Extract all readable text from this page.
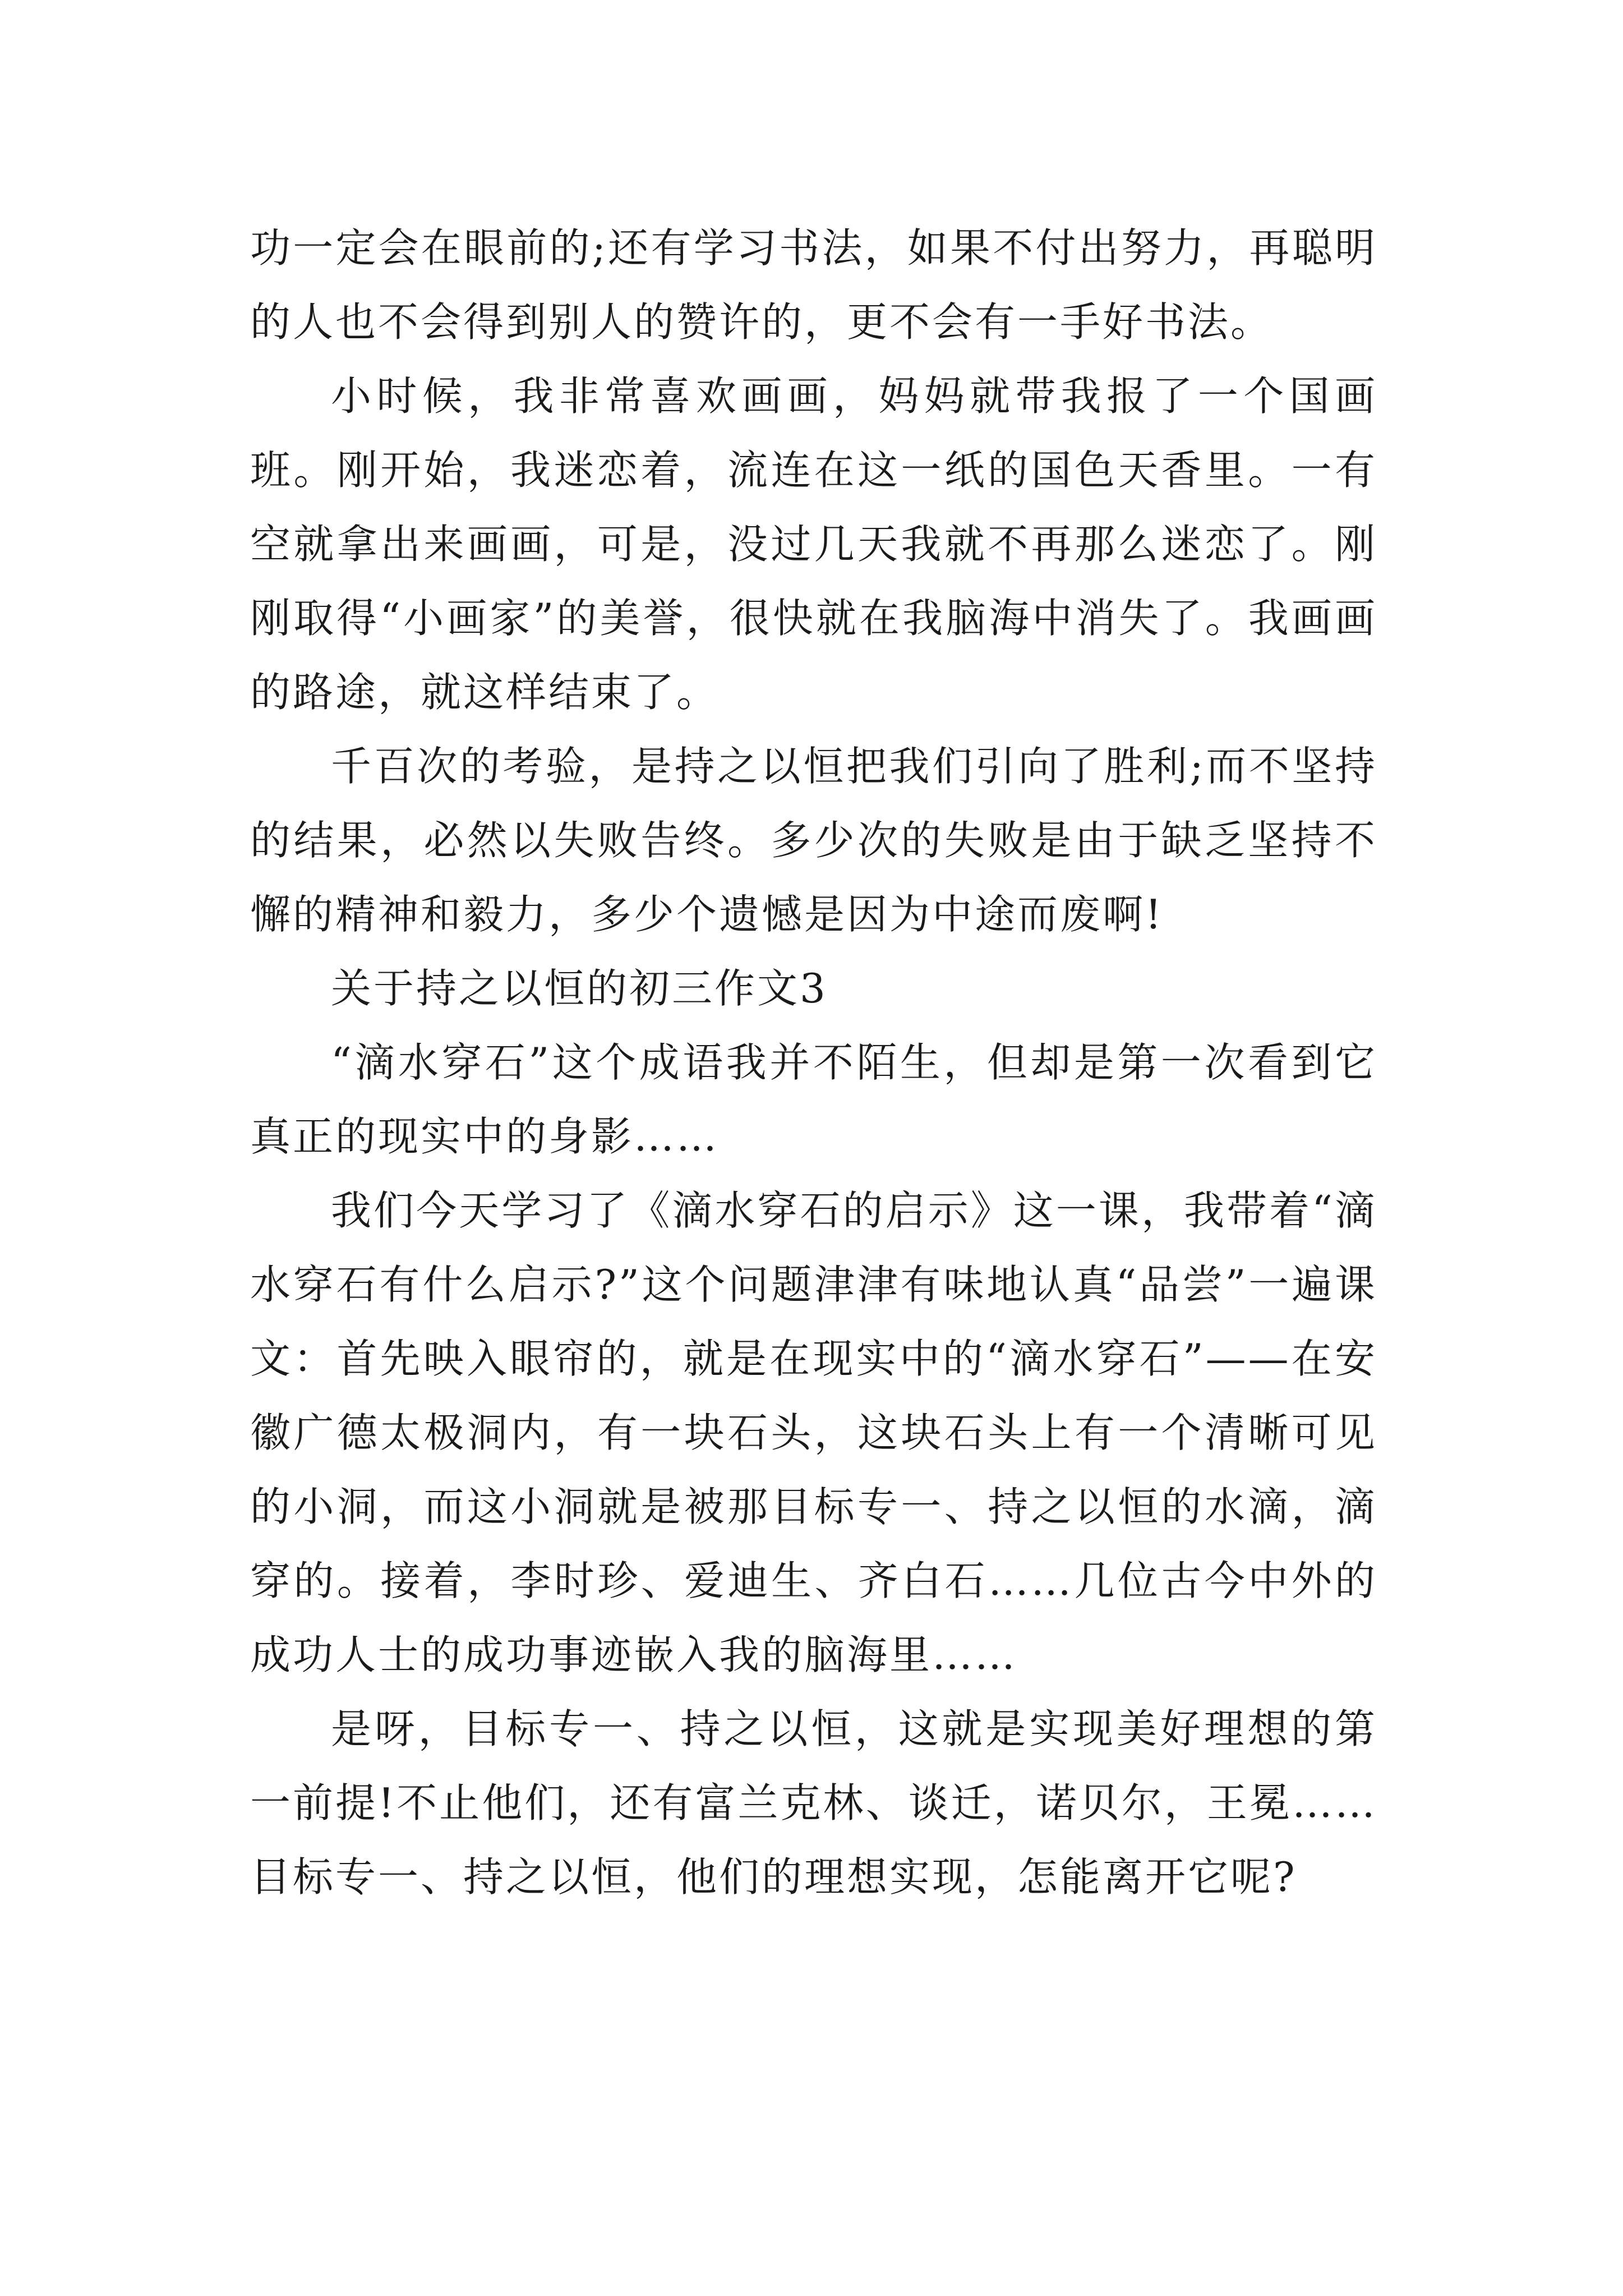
功一定会在眼前的;还有学习书法，如果不付出努力，再聪明的人也不会得到别人的赞许的，更不会有一手好书法。

小时候，我非常喜欢画画，妈妈就带我报了一个国画班。刚开始，我迷恋着，流连在这一纸的国色天香里。一有空就拿出来画画，可是，没过几天我就不再那么迷恋了。刚刚取得“小画家”的美誉，很快就在我脑海中消失了。我画画的路途，就这样结束了。

千百次的考验，是持之以恒把我们引向了胜利;而不坚持的结果，必然以失败告终。多少次的失败是由于缺乏坚持不懈的精神和毅力，多少个遗憾是因为中途而废啊!

关于持之以恒的初三作文3

“滴水穿石”这个成语我并不陌生，但却是第一次看到它真正的现实中的身影……

我们今天学习了《滴水穿石的启示》这一课，我带着“滴水穿石有什么启示?”这个问题津津有味地认真“品尝”一遍课文：首先映入眼帘的，就是在现实中的“滴水穿石”——在安徽广德太极洞内，有一块石头，这块石头上有一个清晰可见的小洞，而这小洞就是被那目标专一、持之以恒的水滴，滴穿的。接着，李时珍、爱迪生、齐白石……几位古今中外的成功人士的成功事迹嵌入我的脑海里……

是呀，目标专一、持之以恒，这就是实现美好理想的第一前提!不止他们，还有富兰克林、谈迁，诺贝尔，王冕……目标专一、持之以恒，他们的理想实现，怎能离开它呢?
